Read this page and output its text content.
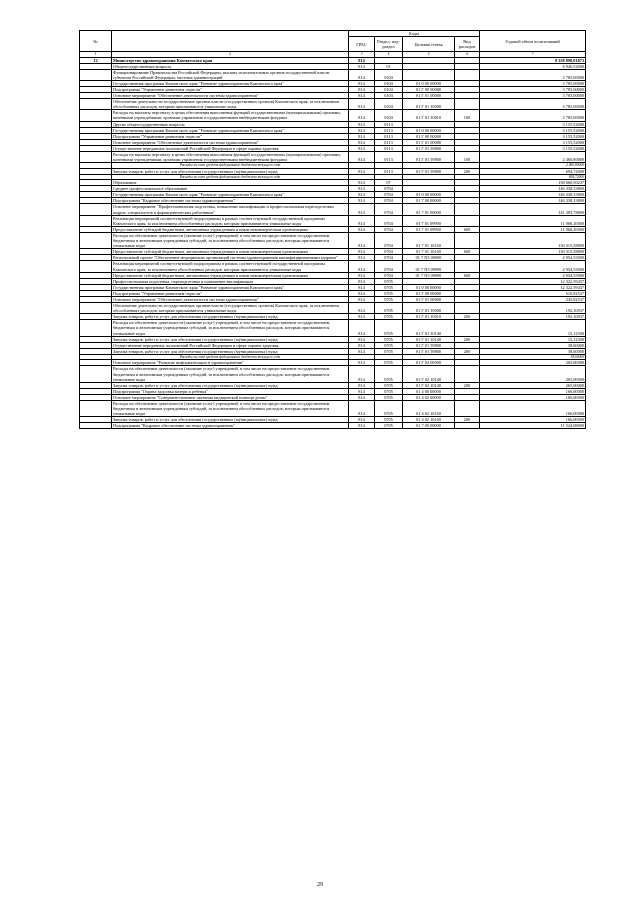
№		Коды				Годовой объем ассигнований
		ГРБС	Раздел, под-раздел	Целевая статья	Вид расходов	
1	2	3	4	5	6	7
12	Министерство здравоохранения Камчатского края	814				8 358 898,01873
	Общегосударственные вопросы	814	01			6 940,52000
	Функционирование Правительства Российской Федерации, высших исполнительных органов государственной власти субъектов Российской Федерации, местных администраций	814	0104			3 785,00000
	Государственная программа Камчатского края "Развитие здравоохранения Камчатского края"	814	0104	01 0 00 00000		3 785,00000
	Подпрограмма "Управление развитием отрасли"	814	0104	01 Г 00 00000		3 785,00000
	Основное мероприятие "Обеспечение деятельности системы здравоохранения"	814	0104	01 Г 01 00000		3 785,00000
	Обеспечение деятельности государственных органов власти (государственных органов) Камчатского края, за исключением обособленных расходов, которым присваиваются уникальные коды	814	0104	01 Г 01 10000		3 785,00000
	Расходы на выплаты персоналу в целях обеспечения выполнения функций государственными (муниципальными) органами, казенными учреждениями, органами управления государственными внебюджетными фондами	814	0104	01 Г 01 10010	100	3 785,00000
	Другие общегосударственные вопросы	814	0113			3 155,52000
	Государственная программа Камчатского края "Развитие здравоохранения Камчатского края"	814	0113	01 0 00 00000		3 155,52000
	Подпрограмма "Управление развитием отрасли"	814	0113	01 Г 00 00000		3 155,52000
	Основное мероприятие "Обеспечение деятельности системы здравоохранения"	814	0113	01 Г 01 00000		3 155,52000
	Осуществление переданных полномочий Российской Федерации в сфере охраны здоровья	814	0113	01 Г 01 59800		3 155,52000
	Расходы на выплаты персоналу в целях обеспечения выполнения функций государственными (муниципальными) органами, казенными учреждениями, органами управления государственными внебюджетными фондами	814	0113	01 Г 01 59800	100	2 460,80000
	Расходы за счет средств федерального бюджета текущего года					2 460,80000
	Закупка товаров, работ и услуг для обеспечения государственных (муниципальных) нужд	814	0113	01 Г 01 59800	200	694,72000
	Расходы за счет средств федерального бюджета текущего года					694,72000
	Образование	814	07			158 660,50237
	Среднее профессиональное образование	814	0704			146 338,33800
	Государственная программа Камчатского края "Развитие здравоохранения Камчатского края"	814	0704	01 0 00 00000		146 338,33800
	Подпрограмма "Кадровое обеспечение системы здравоохранения"	814	0704	01 7 00 00000		146 338,33800
	Основное мероприятие "Профессиональная подготовка, повышение квалификации и профессиональная переподготовка кадров, специалистов и фармацевтических работников"	814	0704	01 7 01 00000		141 383,78800
	Реализация мероприятий соответствующей подпрограммы в рамках соответствующей государственной программы Камчатского края, за исключением обособленных расходов, которым присваиваются уникальные коды	814	0704	01 7 01 09990		11 068,20000
	Предоставление субсидий бюджетным, автономным учреждениям и иным некоммерческим организациям	814	0704	01 7 01 09990	600	11 068,20000
	Расходы на обеспечение деятельности (оказание услуг) учреждений, в том числе на предоставление государственным бюджетным и автономным учреждениям субсидий, за исключением обособленных расходов, которым присваиваются уникальные коды	814	0704	01 7 01 10140		130 315,58800
	Предоставление субсидий бюджетным, автономным учреждениям и иным некоммерческим организациям	814	0704	01 7 01 10140	600	130 315,58800
	Региональный проект "Обеспечение медицинских организаций системы здравоохранения квалифицированными кадрами"	814	0704	01 7 N5 00000		4 954,55000
	Реализация мероприятий соответствующей подпрограммы в рамках соответствующей государственной программы Камчатского края, за исключением обособленных расходов, которым присваиваются уникальные коды	814	0704	01 7 N5 09990		4 954,55000
	Предоставление субсидий бюджетным, автономным учреждениям и иным некоммерческим организациям	814	0704	01 7 N5 09990	600	4 954,55000
	Профессиональная подготовка, переподготовка и повышение квалификации	814	0705			12 322,59437
	Государственная программа Камчатского края "Развитие здравоохранения Камчатского края"	814	0705	01 0 00 00000		12 322,59437
	Подпрограмма "Управление развитием отрасли"	814	0705	01 Г 00 00000		510,82537
	Основное мероприятие "Обеспечение деятельности системы здравоохранения"	814	0705	01 Г 01 00000		245,82537
	Обеспечение деятельности государственных органов власти (государственных органов) Камчатского края, за исключением обособленных расходов, которым присваиваются уникальные коды	814	0705	01 Г 01 10000		192,10037
	Закупка товаров, работ и услуг для обеспечения государственных (муниципальных) нужд	814	0705	01 Г 01 10010	200	192,10037
	Расходы на обеспечение деятельности (оказание услуг) учреждений, в том числе на предоставление государственным бюджетным и автономным учреждениям субсидий, за исключением обособленных расходов, которым присваиваются уникальные коды	814	0705	01 Г 01 10140		15,12500
	Закупка товаров, работ и услуг для обеспечения государственных (муниципальных) нужд	814	0705	01 Г 01 10140	200	15,12500
	Осуществление переданных полномочий Российской Федерации в сфере охраны здоровья	814	0705	01 Г 01 59800		38,60000
	Закупка товаров, работ и услуг для обеспечения государственных (муниципальных) нужд	814	0705	01 Г 01 59800	200	38,60000
	Расходы за счет средств федерального бюджета текущего года					38,60000
	Основное мероприятие "Развитие информатизации в здравоохранении"	814	0705	01 Г 02 00000		265,00000
	Расходы на обеспечение деятельности (оказание услуг) учреждений, в том числе на предоставление государственным бюджетным и автономным учреждениям субсидий, за исключением обособленных расходов, которым присваиваются уникальные коды	814	0705	01 Г 02 10140		265,00000
	Закупка товаров, работ и услуг для обеспечения государственных (муниципальных) нужд	814	0705	01 Г 02 10140	200	265,00000
	Подпрограмма "Охрана здоровья матери и ребенка"	814	0705	01 4 00 00000		166,00000
	Основное мероприятие "Совершенствование оказания медицинской помощи детям"	814	0705	01 4 02 00000		166,00000
	Расходы на обеспечение деятельности (оказание услуг) учреждений, в том числе на предоставление государственным бюджетным и автономным учреждениям субсидий, за исключением обособленных расходов, которым присваиваются уникальные коды	814	0705	01 4 02 10140		166,00000
	Закупка товаров, работ и услуг для обеспечения государственных (муниципальных) нужд	814	0705	01 4 02 10140	200	166,00000
	Подпрограмма "Кадровое обеспечение системы здравоохранения"	814	0705	01 7 00 00000		11 524,08000
29
